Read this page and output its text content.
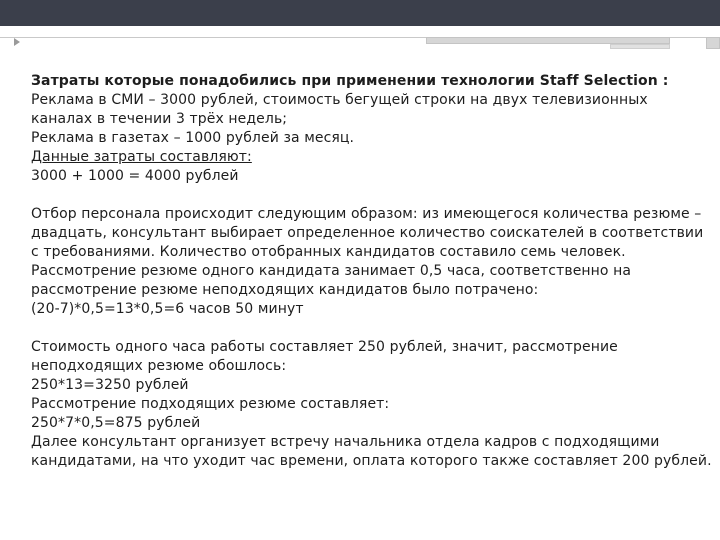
Затраты которые понадобились при применении технологии Staff Selection :
Реклама в СМИ – 3000 рублей, стоимость бегущей строки на двух телевизионных
каналах в течении 3 трёх недель;
Реклама в газетах – 1000 рублей за месяц.
Данные затраты составляют:
3000 + 1000 = 4000 рублей
Отбор персонала происходит следующим образом: из имеющегося количества резюме –
двадцать, консультант выбирает определенное количество соискателей в соответствии
с требованиями. Количество отобранных кандидатов составило семь человек.
Рассмотрение резюме одного кандидата занимает 0,5 часа, соответственно на
рассмотрение резюме неподходящих кандидатов было потрачено:
(20-7)*0,5=13*0,5=6 часов 50 минут
Стоимость одного часа работы составляет 250 рублей, значит, рассмотрение
неподходящих резюме обошлось:
250*13=3250 рублей
Рассмотрение подходящих резюме составляет:
250*7*0,5=875 рублей
Далее консультант организует встречу начальника отдела кадров с подходящими
кандидатами, на что уходит час времени, оплата которого также составляет 200 рублей.
